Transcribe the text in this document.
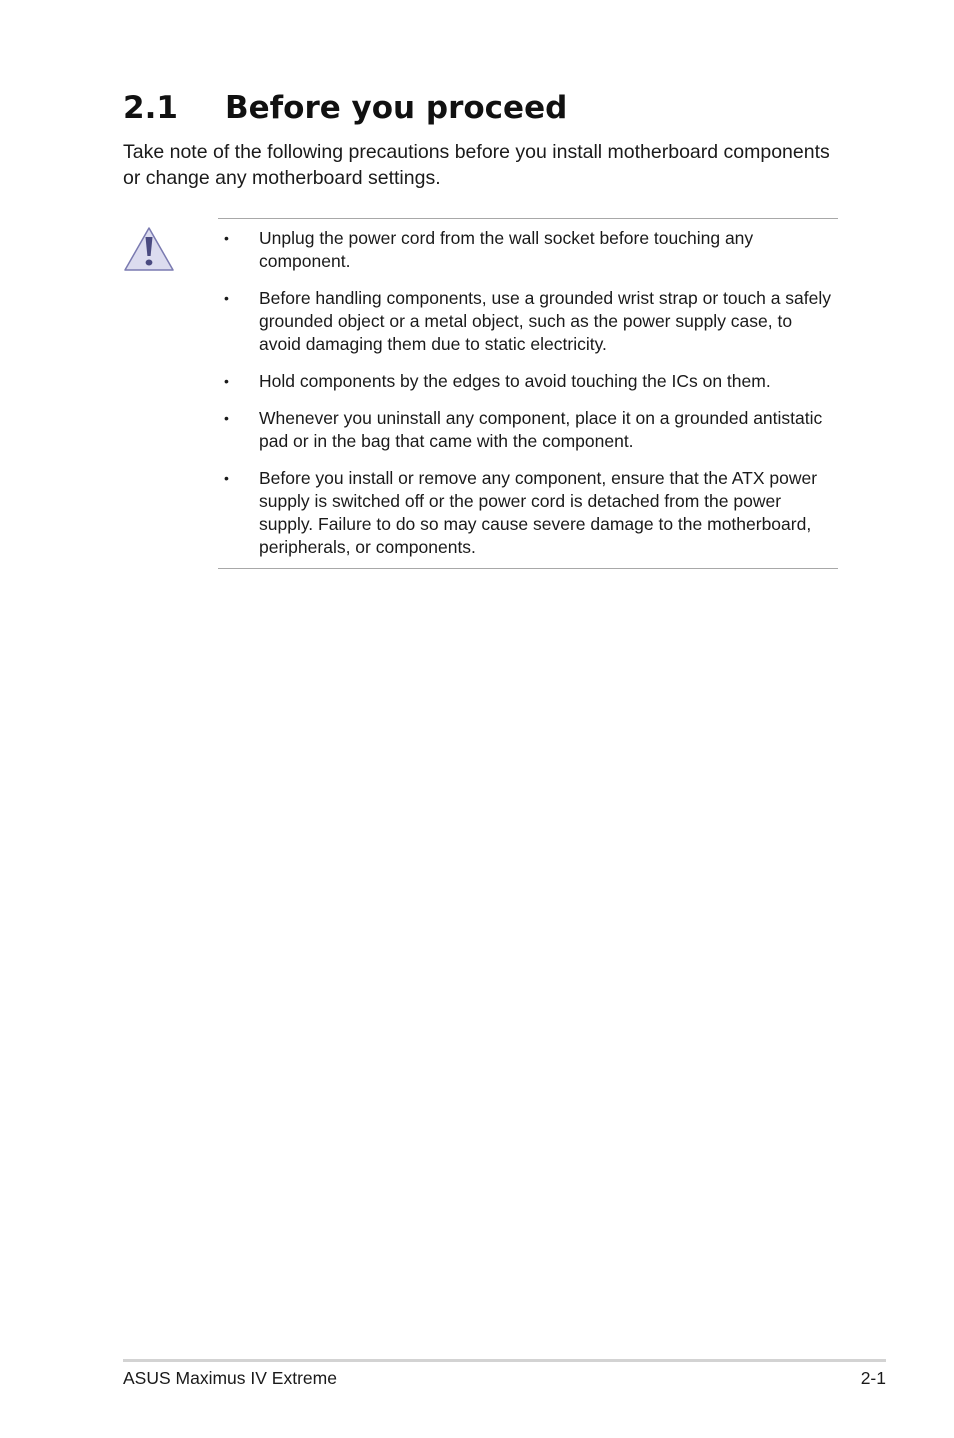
2.1 Before you proceed

Take note of the following precautions before you install motherboard components or change any motherboard settings.

• Unplug the power cord from the wall socket before touching any component.
• Before handling components, use a grounded wrist strap or touch a safely grounded object or a metal object, such as the power supply case, to avoid damaging them due to static electricity.
• Hold components by the edges to avoid touching the ICs on them.
• Whenever you uninstall any component, place it on a grounded antistatic pad or in the bag that came with the component.
• Before you install or remove any component, ensure that the ATX power supply is switched off or the power cord is detached from the power supply. Failure to do so may cause severe damage to the motherboard, peripherals, or components.
ASUS Maximus IV Extreme	2-1
